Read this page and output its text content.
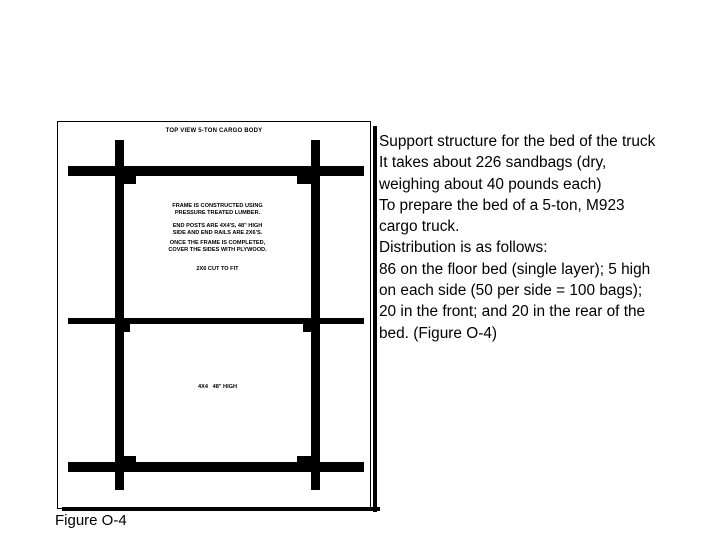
TOP VIEW 5-TON CARGO BODY
FRAME IS CONSTRUCTED USING
PRESSURE TREATED LUMBER.
END POSTS ARE 4X4'S, 48" HIGH
SIDE AND END RAILS ARE 2X6'S.
ONCE THE FRAME IS COMPLETED,
COVER THE SIDES WITH PLYWOOD.
2X6 CUT TO FIT
4X4   48" HIGH
Figure O-4
Support structure for the bed of the truck
It takes about 226 sandbags (dry,
weighing about 40 pounds each)
To prepare the bed of a 5-ton, M923
cargo truck.
Distribution is as follows:
86 on the floor bed (single layer); 5 high
on each side (50 per side = 100 bags);
20 in the front; and 20 in the rear of the
bed. (Figure O-4)
